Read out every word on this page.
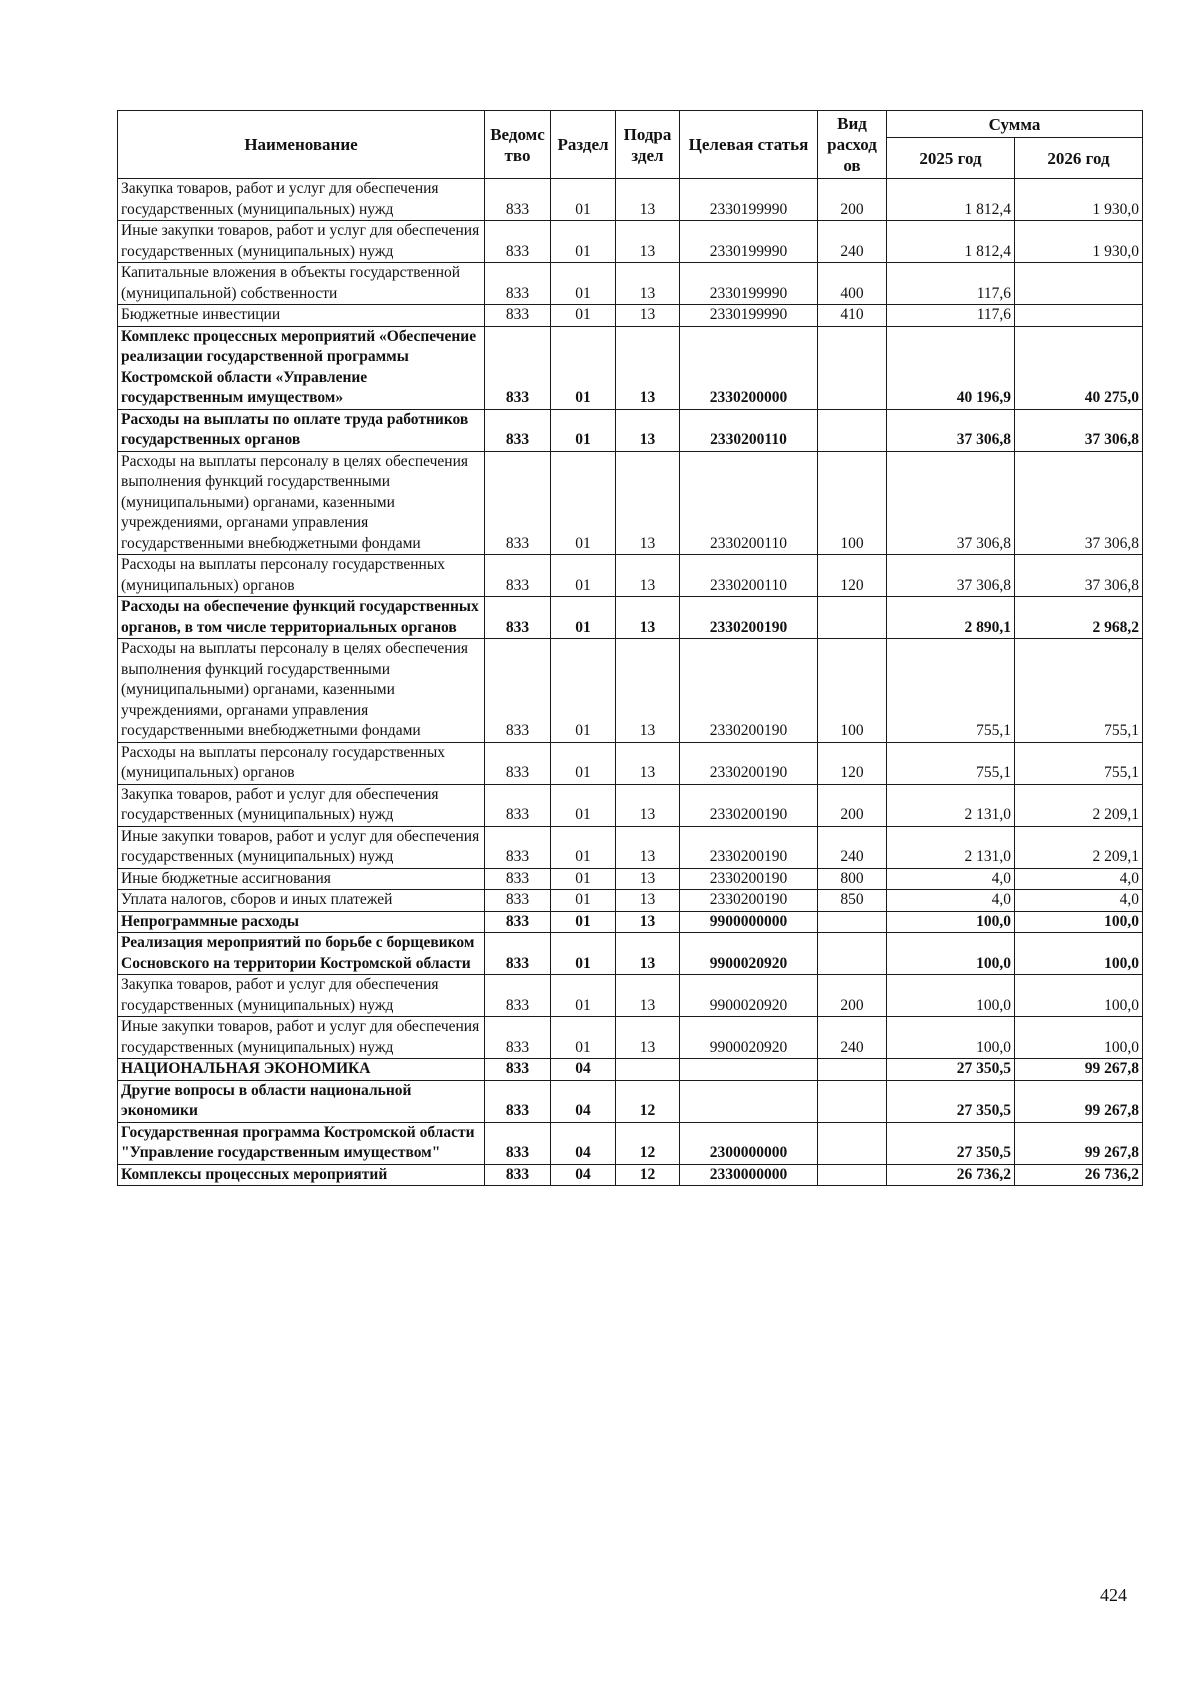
Наименование	Ведомс тво	Раздел	Подра здел	Целевая статья	Вид расход ов	Сумма	
						2025 год	2026 год
Закупка товаров, работ и услуг для обеспечения государственных (муниципальных) нужд	833	01	13	2330199990	200	1 812,4	1 930,0
Иные закупки товаров, работ и услуг для обеспечения государственных (муниципальных) нужд	833	01	13	2330199990	240	1 812,4	1 930,0
Капитальные вложения в объекты государственной (муниципальной) собственности	833	01	13	2330199990	400	117,6	
Бюджетные инвестиции	833	01	13	2330199990	410	117,6	
Комплекс процессных мероприятий «Обеспечение реализации государственной программы Костромской области «Управление государственным имуществом»	833	01	13	2330200000		40 196,9	40 275,0
Расходы на выплаты по оплате труда работников государственных органов	833	01	13	2330200110		37 306,8	37 306,8
Расходы на выплаты персоналу в целях обеспечения выполнения функций государственными (муниципальными) органами, казенными учреждениями, органами управления государственными внебюджетными фондами	833	01	13	2330200110	100	37 306,8	37 306,8
Расходы на выплаты персоналу государственных (муниципальных) органов	833	01	13	2330200110	120	37 306,8	37 306,8
Расходы на обеспечение функций государственных органов, в том числе территориальных органов	833	01	13	2330200190		2 890,1	2 968,2
Расходы на выплаты персоналу в целях обеспечения выполнения функций государственными (муниципальными) органами, казенными учреждениями, органами управления государственными внебюджетными фондами	833	01	13	2330200190	100	755,1	755,1
Расходы на выплаты персоналу государственных (муниципальных) органов	833	01	13	2330200190	120	755,1	755,1
Закупка товаров, работ и услуг для обеспечения государственных (муниципальных) нужд	833	01	13	2330200190	200	2 131,0	2 209,1
Иные закупки товаров, работ и услуг для обеспечения государственных (муниципальных) нужд	833	01	13	2330200190	240	2 131,0	2 209,1
Иные бюджетные ассигнования	833	01	13	2330200190	800	4,0	4,0
Уплата налогов, сборов и иных платежей	833	01	13	2330200190	850	4,0	4,0
Непрограммные расходы	833	01	13	9900000000		100,0	100,0
Реализация мероприятий по борьбе с борщевиком Сосновского на территории Костромской области	833	01	13	9900020920		100,0	100,0
Закупка товаров, работ и услуг для обеспечения государственных (муниципальных) нужд	833	01	13	9900020920	200	100,0	100,0
Иные закупки товаров, работ и услуг для обеспечения государственных (муниципальных) нужд	833	01	13	9900020920	240	100,0	100,0
НАЦИОНАЛЬНАЯ ЭКОНОМИКА	833	04				27 350,5	99 267,8
Другие вопросы в области национальной экономики	833	04	12			27 350,5	99 267,8
Государственная программа Костромской области "Управление государственным имуществом"	833	04	12	2300000000		27 350,5	99 267,8
Комплексы процессных мероприятий	833	04	12	2330000000		26 736,2	26 736,2
424
